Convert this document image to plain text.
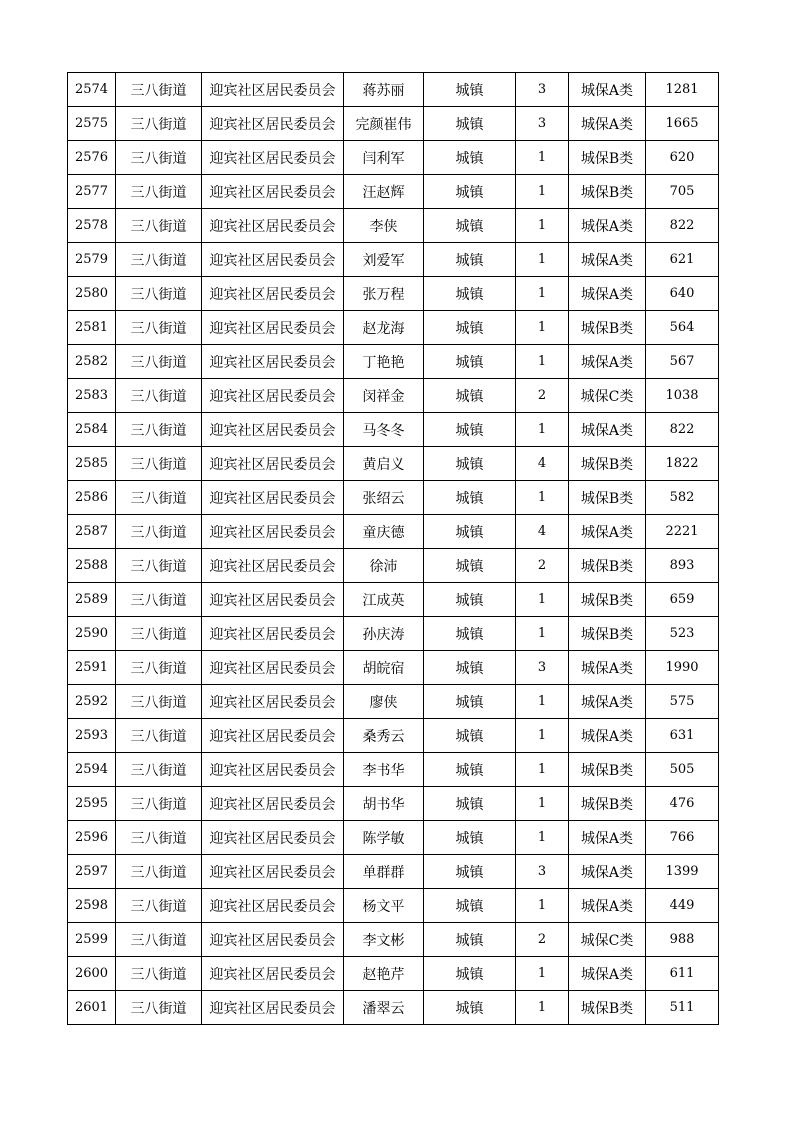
2574	三八街道	迎宾社区居民委员会	蒋苏丽	城镇	3	城保A类	1281
2575	三八街道	迎宾社区居民委员会	完颜崔伟	城镇	3	城保A类	1665
2576	三八街道	迎宾社区居民委员会	闫利军	城镇	1	城保B类	620
2577	三八街道	迎宾社区居民委员会	汪赵辉	城镇	1	城保B类	705
2578	三八街道	迎宾社区居民委员会	李侠	城镇	1	城保A类	822
2579	三八街道	迎宾社区居民委员会	刘爱军	城镇	1	城保A类	621
2580	三八街道	迎宾社区居民委员会	张万程	城镇	1	城保A类	640
2581	三八街道	迎宾社区居民委员会	赵龙海	城镇	1	城保B类	564
2582	三八街道	迎宾社区居民委员会	丁艳艳	城镇	1	城保A类	567
2583	三八街道	迎宾社区居民委员会	闵祥金	城镇	2	城保C类	1038
2584	三八街道	迎宾社区居民委员会	马冬冬	城镇	1	城保A类	822
2585	三八街道	迎宾社区居民委员会	黄启义	城镇	4	城保B类	1822
2586	三八街道	迎宾社区居民委员会	张绍云	城镇	1	城保B类	582
2587	三八街道	迎宾社区居民委员会	童庆德	城镇	4	城保A类	2221
2588	三八街道	迎宾社区居民委员会	徐沛	城镇	2	城保B类	893
2589	三八街道	迎宾社区居民委员会	江成英	城镇	1	城保B类	659
2590	三八街道	迎宾社区居民委员会	孙庆涛	城镇	1	城保B类	523
2591	三八街道	迎宾社区居民委员会	胡皖宿	城镇	3	城保A类	1990
2592	三八街道	迎宾社区居民委员会	廖侠	城镇	1	城保A类	575
2593	三八街道	迎宾社区居民委员会	桑秀云	城镇	1	城保A类	631
2594	三八街道	迎宾社区居民委员会	李书华	城镇	1	城保B类	505
2595	三八街道	迎宾社区居民委员会	胡书华	城镇	1	城保B类	476
2596	三八街道	迎宾社区居民委员会	陈学敏	城镇	1	城保A类	766
2597	三八街道	迎宾社区居民委员会	单群群	城镇	3	城保A类	1399
2598	三八街道	迎宾社区居民委员会	杨文平	城镇	1	城保A类	449
2599	三八街道	迎宾社区居民委员会	李文彬	城镇	2	城保C类	988
2600	三八街道	迎宾社区居民委员会	赵艳芹	城镇	1	城保A类	611
2601	三八街道	迎宾社区居民委员会	潘翠云	城镇	1	城保B类	511
